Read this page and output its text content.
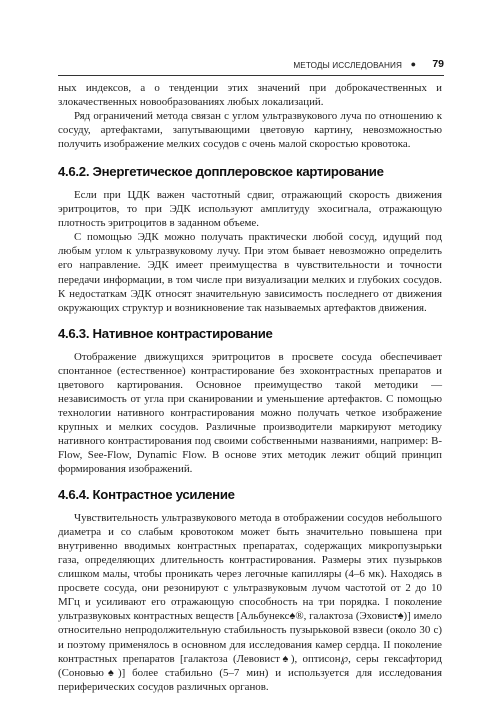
МЕТОДЫ ИССЛЕДОВАНИЯ ● 79

ных индексов, а о тенденции этих значений при доброкачественных и злокачественных новообразованиях любых локализаций.

Ряд ограничений метода связан с углом ультразвукового луча по отношению к сосуду, артефактами, запутывающими цветовую картину, невозможностью получить изображение мелких сосудов с очень малой скоростью кровотока.

4.6.2. Энергетическое допплеровское картирование

Если при ЦДК важен частотный сдвиг, отражающий скорость движения эритроцитов, то при ЭДК используют амплитуду эхосигнала, отражающую плотность эритроцитов в заданном объеме.

С помощью ЭДК можно получать практически любой сосуд, идущий под любым углом к ультразвуковому лучу. При этом бывает невозможно определить его направление. ЭДК имеет преимущества в чувствительности и точности передачи информации, в том числе при визуализации мелких и глубоких сосудов. К недостаткам ЭДК относят значительную зависимость последнего от движения окружающих структур и возникновение так называемых артефактов движения.

4.6.3. Нативное контрастирование

Отображение движущихся эритроцитов в просвете сосуда обеспечивает спонтанное (естественное) контрастирование без эхоконтрастных препаратов и цветового картирования. Основное преимущество такой методики — независимость от угла при сканировании и уменьшение артефактов. С помощью технологии нативного контрастирования можно получать четкое изображение крупных и мелких сосудов. Различные производители маркируют методику нативного контрастирования под своими собственными названиями, например: B-Flow, See-Flow, Dynamic Flow. В основе этих методик лежит общий принцип формирования изображений.

4.6.4. Контрастное усиление

Чувствительность ультразвукового метода в отображении сосудов небольшого диаметра и со слабым кровотоком может быть значительно повышена при внутривенно вводимых контрастных препаратах, содержащих микропузырьки газа, определяющих длительность контрастирования. Размеры этих пузырьков слишком малы, чтобы проникать через легочные капилляры (4–6 мк). Находясь в просвете сосуда, они резонируют с ультразвуковым лучом частотой от 2 до 10 МГц и усиливают его отражающую способность на три порядка. I поколение ультразвуковых контрастных веществ [Альбунекс♠®, галактоза (Эховист♠)] имело относительно непродолжительную стабильность пузырьковой взвеси (около 30 с) и поэтому применялось в основном для исследования камер сердца. II поколение контрастных препаратов [галактоза (Левовист♠), оптисон℘, серы гексафторид (Соновью♠)] более стабильно (5–7 мин) и используется для исследования периферических сосудов различных органов.
